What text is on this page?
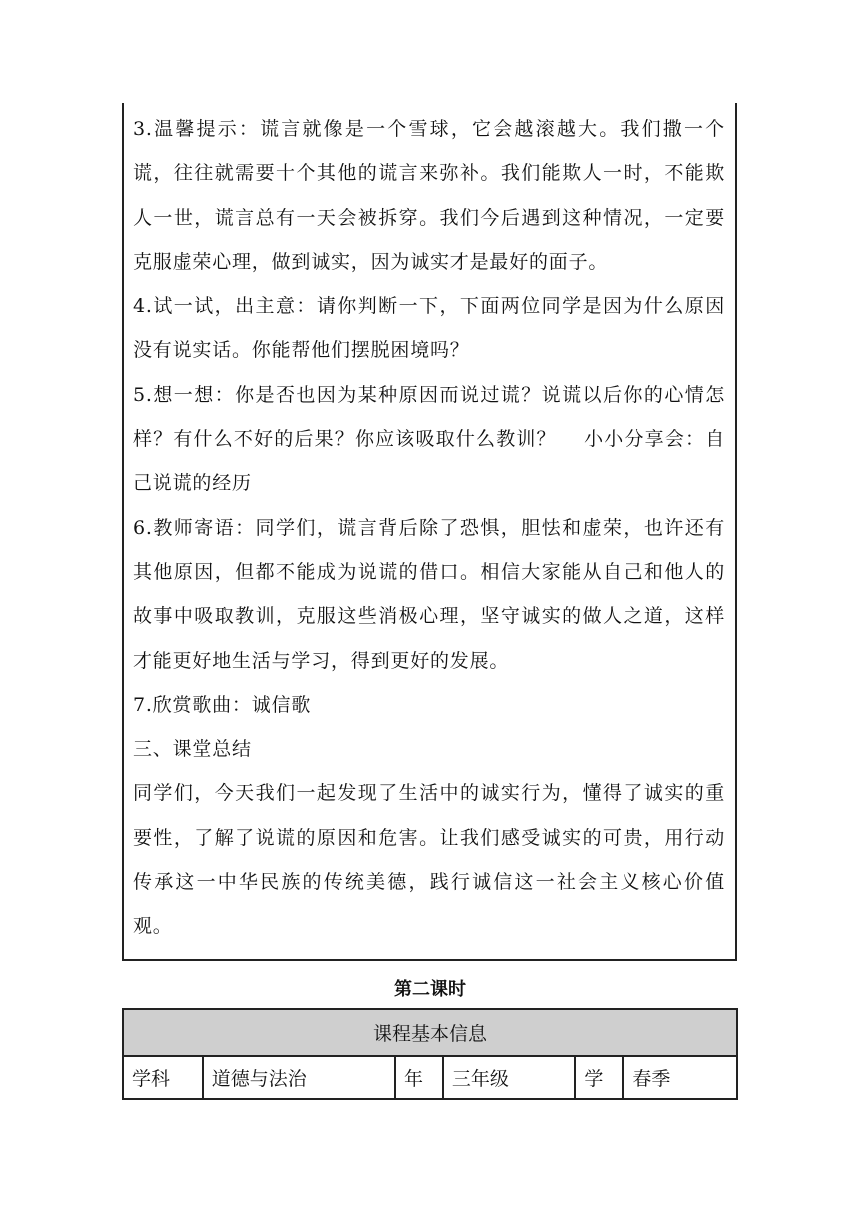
3.温馨提示：谎言就像是一个雪球，它会越滚越大。我们撒一个谎，往往就需要十个其他的谎言来弥补。我们能欺人一时，不能欺人一世，谎言总有一天会被拆穿。我们今后遇到这种情况，一定要克服虚荣心理，做到诚实，因为诚实才是最好的面子。

4.试一试，出主意：请你判断一下，下面两位同学是因为什么原因没有说实话。你能帮他们摆脱困境吗？

5.想一想：你是否也因为某种原因而说过谎？说谎以后你的心情怎样？有什么不好的后果？你应该吸取什么教训？　 小小分享会：自己说谎的经历

6.教师寄语：同学们，谎言背后除了恐惧，胆怯和虚荣，也许还有其他原因，但都不能成为说谎的借口。相信大家能从自己和他人的故事中吸取教训，克服这些消极心理，坚守诚实的做人之道，这样才能更好地生活与学习，得到更好的发展。

7.欣赏歌曲：诚信歌

三、课堂总结

同学们，今天我们一起发现了生活中的诚实行为，懂得了诚实的重要性，了解了说谎的原因和危害。让我们感受诚实的可贵，用行动传承这一中华民族的传统美德，践行诚信这一社会主义核心价值观。

第二课时
课程基本信息
学科	道德与法治	年	三年级	学	春季
